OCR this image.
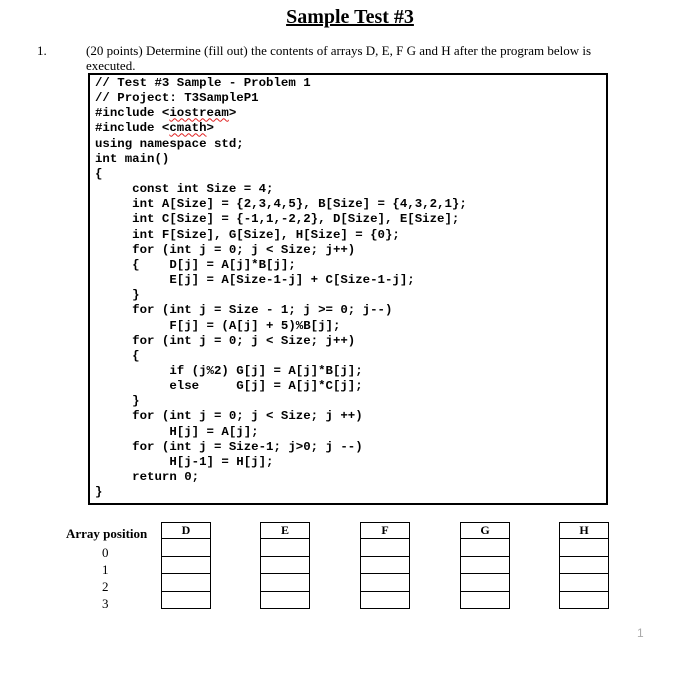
Sample Test #3
1.	(20 points) Determine (fill out) the contents of arrays D, E, F G and H after the program below is executed.
// Test #3 Sample - Problem 1
// Project: T3SampleP1
#include <iostream>
#include <cmath>
using namespace std;
int main()
{
const int Size = 4;
int A[Size] = {2,3,4,5}, B[Size] = {4,3,2,1};
int C[Size] = {-1,1,-2,2}, D[Size], E[Size];
int F[Size], G[Size], H[Size] = {0};
for (int j = 0; j < Size; j++)
{    D[j] = A[j]*B[j];
E[j] = A[Size-1-j] + C[Size-1-j];
}
for (int j = Size - 1; j >= 0; j--)
F[j] = (A[j] + 5)%B[j];
for (int j = 0; j < Size; j++)
{
if (j%2) G[j] = A[j]*B[j];
else     G[j] = A[j]*C[j];
}
for (int j = 0; j < Size; j ++)
H[j] = A[j];
for (int j = Size-1; j>0; j --)
H[j-1] = H[j];
return 0;
}
Array position
0
1
2
3
D	E	F	G	H
1
